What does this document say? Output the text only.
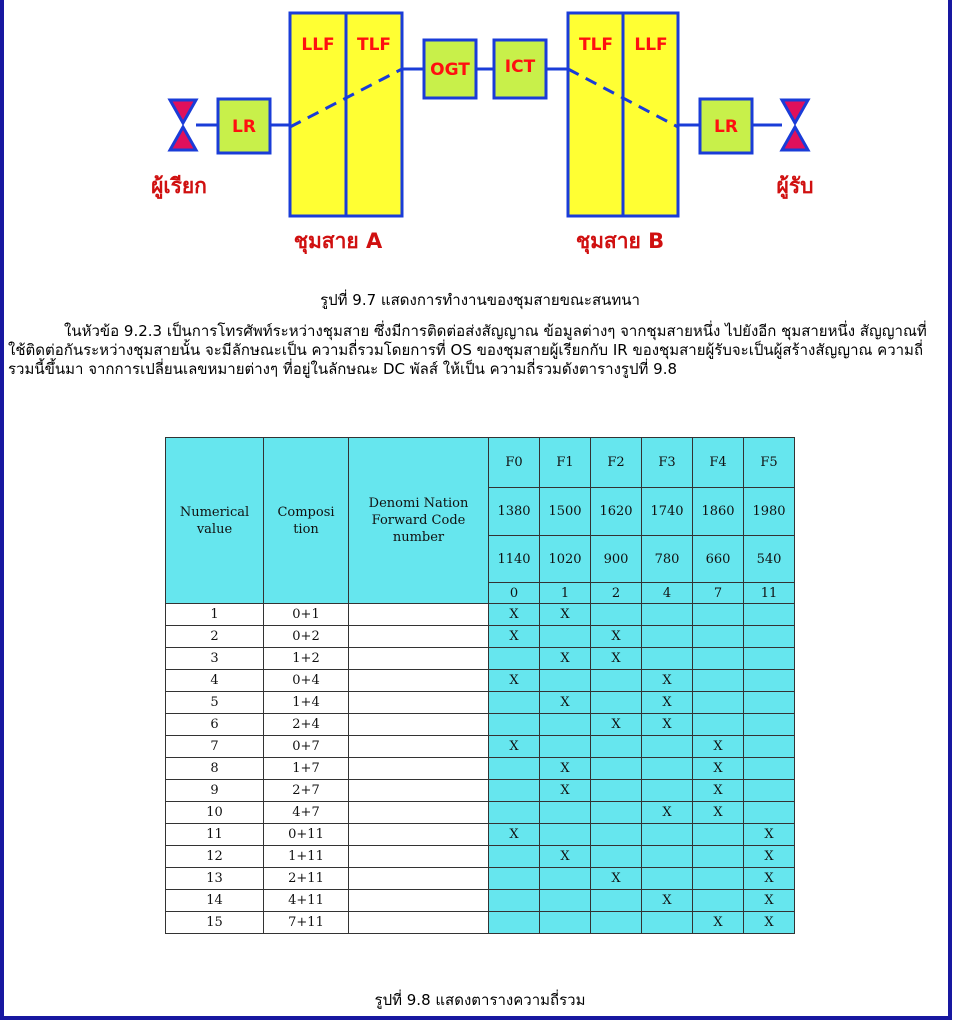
LLF TLF
OGT ICT
TLF LLF
LR	LR
ผู้เรียก	ผู้รับ
ชุมสาย A	ชุมสาย B
รูปที่ 9.7 แสดงการทำงานของชุมสายขณะสนทนา

ในหัวข้อ 9.2.3 เป็นการโทรศัพท์ระหว่างชุมสาย ซึ่งมีการติดต่อส่งสัญญาณ ข้อมูลต่างๆ จากชุมสายหนึ่ง ไปยังอีก ชุมสายหนึ่ง สัญญาณที่ใช้ติดต่อกันระหว่างชุมสายนั้น จะมีลักษณะเป็น ความถี่รวมโดยการที่ OS ของชุมสายผู้เรียกกับ IR ของชุมสายผู้รับจะเป็นผู้สร้างสัญญาณ ความถี่รวมนี้ขึ้นมา จากการเปลี่ยนเลขหมายต่างๆ ที่อยู่ในลักษณะ DC พัลส์ ให้เป็น ความถี่รวมดังตารางรูปที่ 9.8

Numerical value	Composi tion	Denomi Nation Forward Code number	F0	F1	F2	F3	F4	F5
			1380	1500	1620	1740	1860	1980
			1140	1020	900	780	660	540
			0	1	2	4	7	11
1	0+1		X	X				
2	0+2		X		X			
3	1+2			X	X			
4	0+4		X			X		
5	1+4			X		X		
6	2+4				X	X		
7	0+7		X				X	
8	1+7			X			X	
9	2+7			X			X	
10	4+7					X	X	
11	0+11		X					X
12	1+11			X				X
13	2+11				X			X
14	4+11					X		X
15	7+11						X	X
รูปที่ 9.8 แสดงตารางความถี่รวม
